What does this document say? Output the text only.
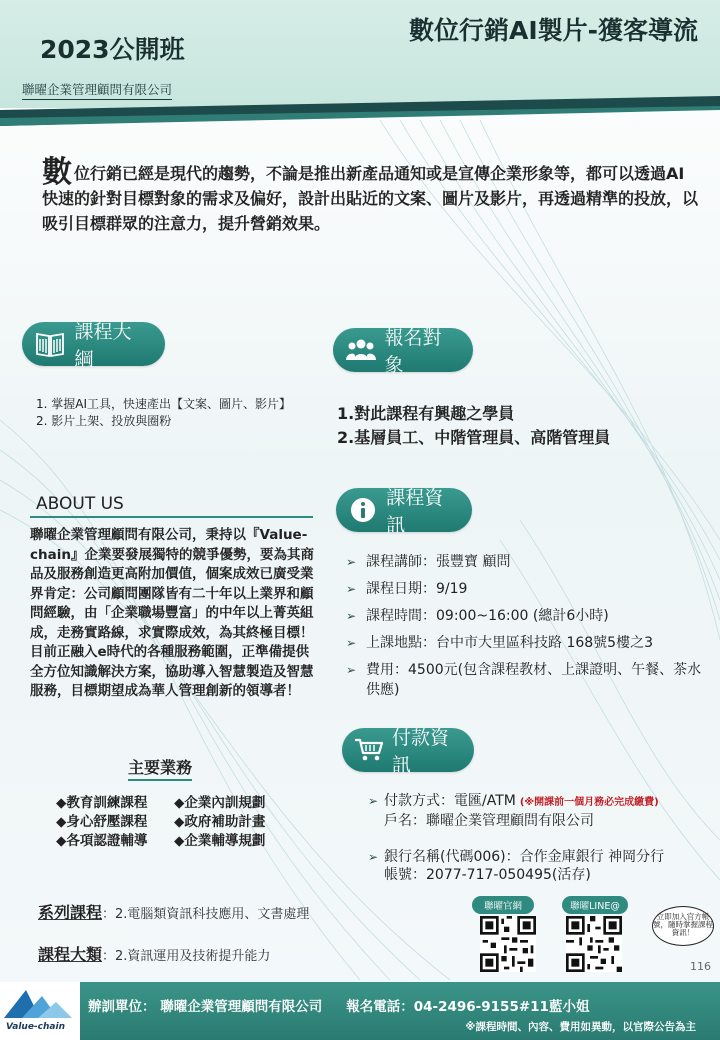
2023公開班
聯曜企業管理顧問有限公司
數位行銷AI製片-獲客導流
數位行銷已經是現代的趨勢，不論是推出新產品通知或是宣傳企業形象等，都可以透過AI快速的針對目標對象的需求及偏好，設計出貼近的文案、圖片及影片，再透過精準的投放，以吸引目標群眾的注意力，提升營銷效果。
課程大綱
1. 掌握AI工具，快速產出【文案、圖片、影片】
2. 影片上架、投放與圈粉
報名對象
1.對此課程有興趣之學員
2.基層員工、中階管理員、高階管理員
ABOUT US
聯曜企業管理顧問有限公司，秉持以『Value-chain』企業要發展獨特的競爭優勢，要為其商品及服務創造更高附加價值，個案成效已廣受業界肯定：公司顧問團隊皆有二十年以上業界和顧問經驗，由「企業職場豐富」的中年以上菁英組成，走務實路線，求實際成效，為其終極目標！目前正融入e時代的各種服務範圍，正準備提供全方位知識解決方案，協助導入智慧製造及智慧服務，目標期望成為華人管理創新的領導者！
主要業務
◆教育訓練課程	◆企業內訓規劃
◆身心舒壓課程	◆政府補助計畫
◆各項認證輔導	◆企業輔導規劃
課程資訊
➢ 課程講師：張豐寶 顧問
➢ 課程日期：9/19
➢ 課程時間：09:00~16:00 (總計6小時)
➢ 上課地點：台中市大里區科技路 168號5樓之3
➢ 費用：4500元(包含課程教材、上課證明、午餐、茶水供應)
付款資訊
➢ 付款方式：電匯/ATM (※開課前一個月務必完成繳費)
戶名：聯曜企業管理顧問有限公司
➢ 銀行名稱(代碼006)：合作金庫銀行 神岡分行
帳號：2077-717-050495(活存)
系列課程：2.電腦類資訊科技應用、文書處理
課程大類：2.資訊運用及技術提升能力
聯曜官網	聯曜LINE@
立即加入官方帳號，隨時掌握課程資訊！
116
Value-chain
辦訓單位： 聯曜企業管理顧問有限公司 報名電話：04-2496-9155#11藍小姐
※課程時間、內容、費用如異動，以官際公告為主
